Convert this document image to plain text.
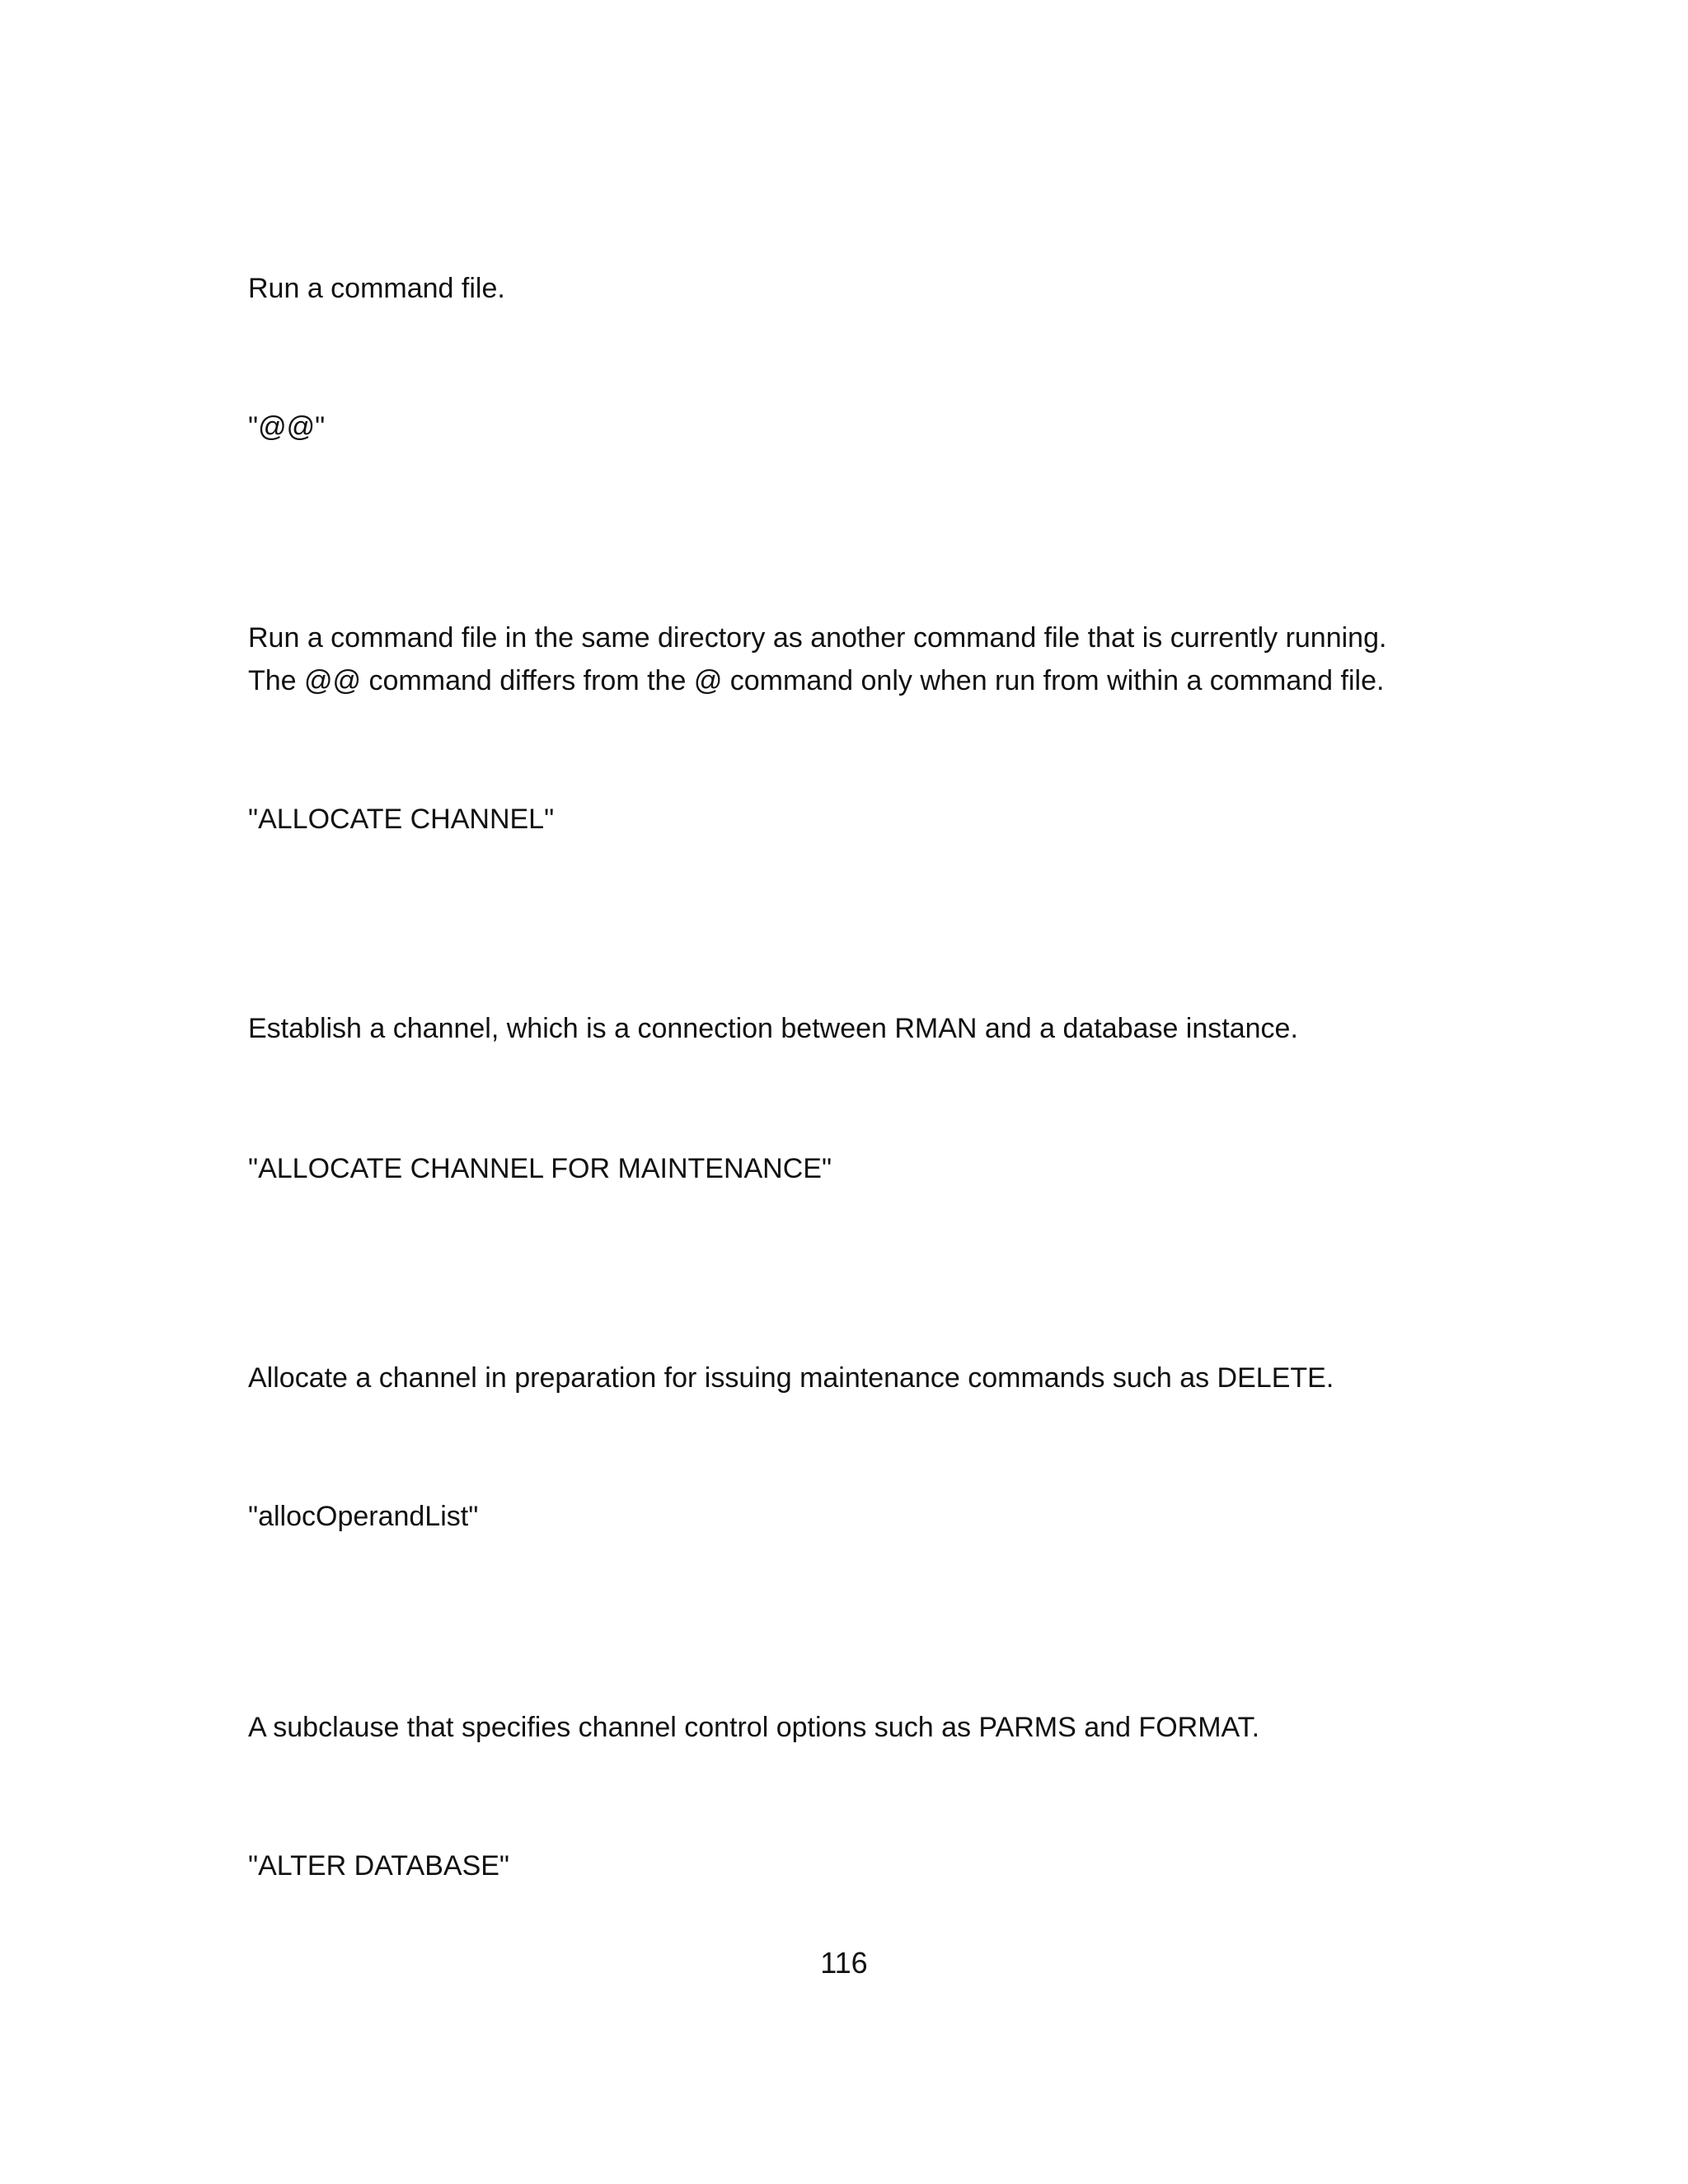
Run a command file.
"@@"
Run a command file in the same directory as another command file that is currently running.
The @@ command differs from the @ command only when run from within a command file.
"ALLOCATE CHANNEL"
Establish a channel, which is a connection between RMAN and a database instance.
"ALLOCATE CHANNEL FOR MAINTENANCE"
Allocate a channel in preparation for issuing maintenance commands such as DELETE.
"allocOperandList"
A subclause that specifies channel control options such as PARMS and FORMAT.
"ALTER DATABASE"
116
